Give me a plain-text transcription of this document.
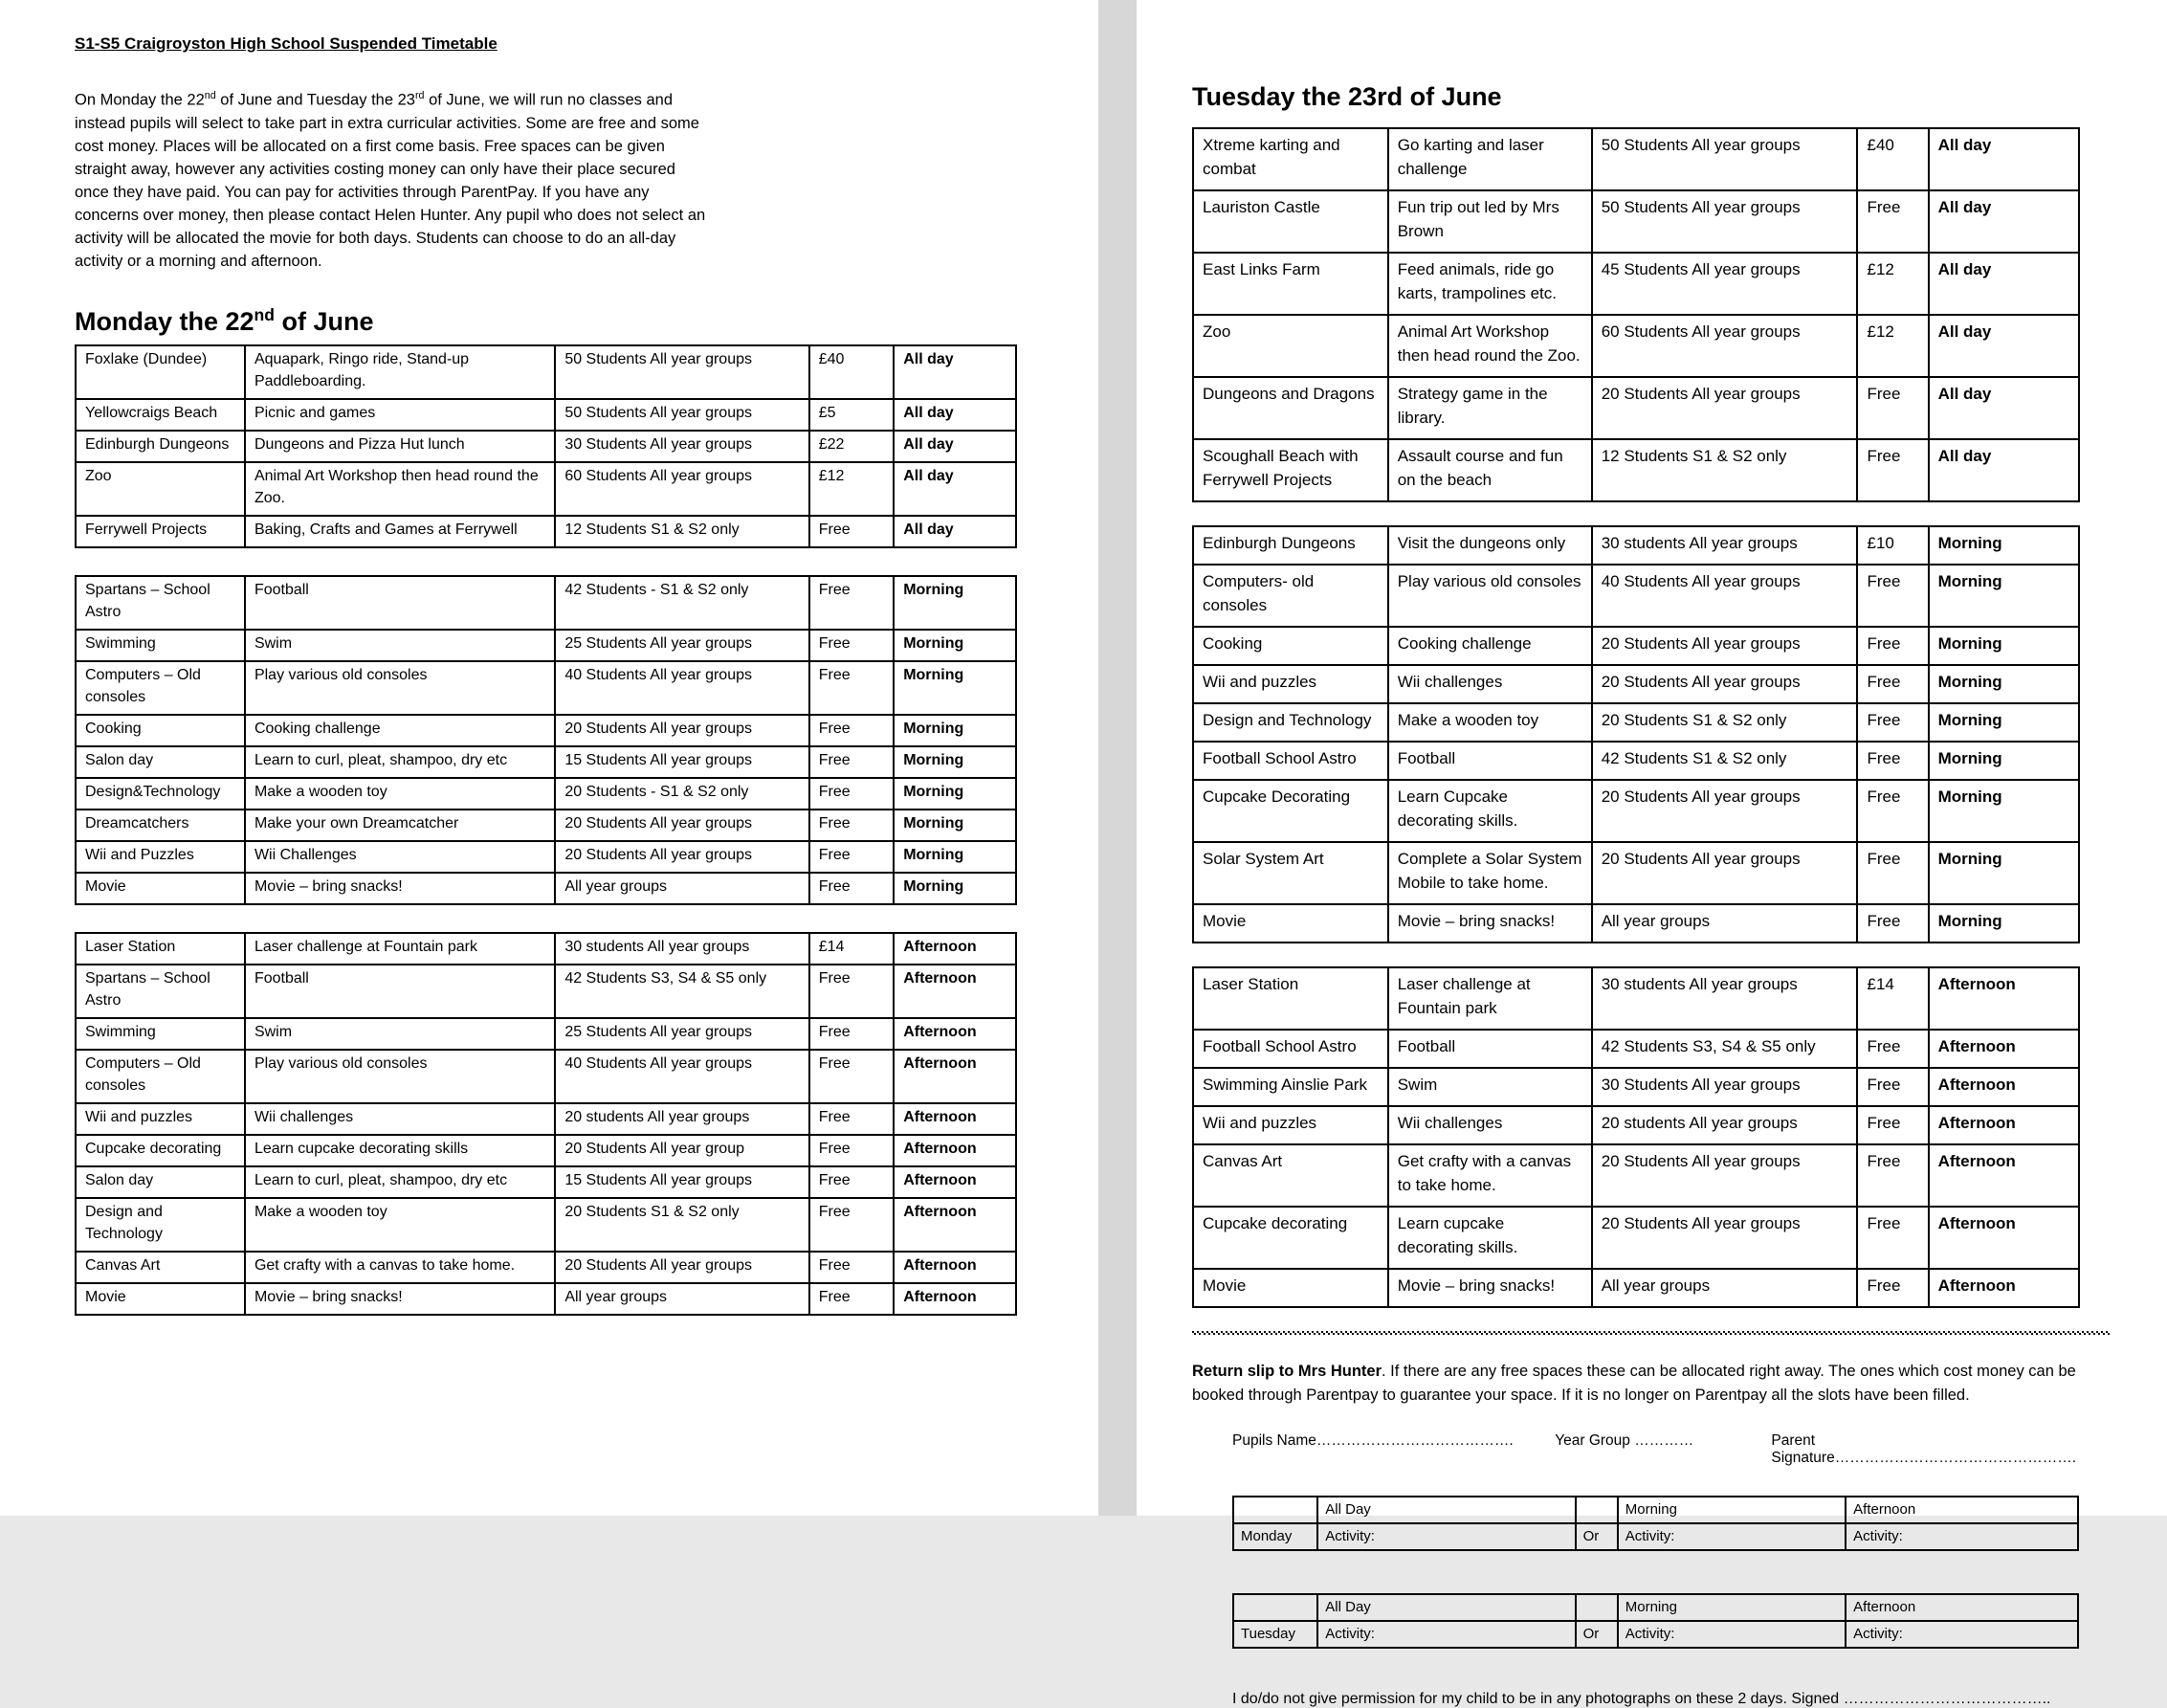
S1-S5 Craigroyston High School Suspended Timetable

On Monday the 22nd of June and Tuesday the 23rd of June, we will run no classes and instead pupils will select to take part in extra curricular activities. Some are free and some cost money. Places will be allocated on a first come basis. Free spaces can be given straight away, however any activities costing money can only have their place secured once they have paid. You can pay for activities through ParentPay. If you have any concerns over money, then please contact Helen Hunter. Any pupil who does not select an activity will be allocated the movie for both days. Students can choose to do an all-day activity or a morning and afternoon.

Monday the 22nd of June
Foxlake (Dundee)	Aquapark, Ringo ride, Stand-up Paddleboarding.	50 Students All year groups	£40	All day
Yellowcraigs Beach	Picnic and games	50 Students All year groups	£5	All day
Edinburgh Dungeons	Dungeons and Pizza Hut lunch	30 Students All year groups	£22	All day
Zoo	Animal Art Workshop then head round the Zoo.	60 Students All year groups	£12	All day
Ferrywell Projects	Baking, Crafts and Games at Ferrywell	12 Students S1 & S2 only	Free	All day
Spartans – School Astro	Football	42 Students - S1 & S2 only	Free	Morning
Swimming	Swim	25 Students All year groups	Free	Morning
Computers – Old consoles	Play various old consoles	40 Students All year groups	Free	Morning
Cooking	Cooking challenge	20 Students All year groups	Free	Morning
Salon day	Learn to curl, pleat, shampoo, dry etc	15 Students All year groups	Free	Morning
Design&Technology	Make a wooden toy	20 Students - S1 & S2 only	Free	Morning
Dreamcatchers	Make your own Dreamcatcher	20 Students All year groups	Free	Morning
Wii and Puzzles	Wii Challenges	20 Students All year groups	Free	Morning
Movie	Movie – bring snacks!	All year groups	Free	Morning
Laser Station	Laser challenge at Fountain park	30 students All year groups	£14	Afternoon
Spartans – School Astro	Football	42 Students S3, S4 & S5 only	Free	Afternoon
Swimming	Swim	25 Students All year groups	Free	Afternoon
Computers – Old consoles	Play various old consoles	40 Students All year groups	Free	Afternoon
Wii and puzzles	Wii challenges	20 students All year groups	Free	Afternoon
Cupcake decorating	Learn cupcake decorating skills	20 Students All year group	Free	Afternoon
Salon day	Learn to curl, pleat, shampoo, dry etc	15 Students All year groups	Free	Afternoon
Design and Technology	Make a wooden toy	20 Students S1 & S2 only	Free	Afternoon
Canvas Art	Get crafty with a canvas to take home.	20 Students All year groups	Free	Afternoon
Movie	Movie – bring snacks!	All year groups	Free	Afternoon
Tuesday the 23rd of June
Xtreme karting and combat	Go karting and laser challenge	50 Students All year groups	£40	All day
Lauriston Castle	Fun trip out led by Mrs Brown	50 Students All year groups	Free	All day
East Links Farm	Feed animals, ride go karts, trampolines etc.	45 Students All year groups	£12	All day
Zoo	Animal Art Workshop then head round the Zoo.	60 Students All year groups	£12	All day
Dungeons and Dragons	Strategy game in the library.	20 Students All year groups	Free	All day
Scoughall Beach with Ferrywell Projects	Assault course and fun on the beach	12 Students S1 & S2 only	Free	All day
Edinburgh Dungeons	Visit the dungeons only	30 students All year groups	£10	Morning
Computers- old consoles	Play various old consoles	40 Students All year groups	Free	Morning
Cooking	Cooking challenge	20 Students All year groups	Free	Morning
Wii and puzzles	Wii challenges	20 Students All year groups	Free	Morning
Design and Technology	Make a wooden toy	20 Students S1 & S2 only	Free	Morning
Football School Astro	Football	42 Students S1 & S2 only	Free	Morning
Cupcake Decorating	Learn Cupcake decorating skills.	20 Students All year groups	Free	Morning
Solar System Art	Complete a Solar System Mobile to take home.	20 Students All year groups	Free	Morning
Movie	Movie – bring snacks!	All year groups	Free	Morning
Laser Station	Laser challenge at Fountain park	30 students All year groups	£14	Afternoon
Football School Astro	Football	42 Students S3, S4 & S5 only	Free	Afternoon
Swimming Ainslie Park	Swim	30 Students All year groups	Free	Afternoon
Wii and puzzles	Wii challenges	20 students All year groups	Free	Afternoon
Canvas Art	Get crafty with a canvas to take home.	20 Students All year groups	Free	Afternoon
Cupcake decorating	Learn cupcake decorating skills.	20 Students All year groups	Free	Afternoon
Movie	Movie – bring snacks!	All year groups	Free	Afternoon

Return slip to Mrs Hunter. If there are any free spaces these can be allocated right away. The ones which cost money can be booked through Parentpay to guarantee your space. If it is no longer on Parentpay all the slots have been filled.

Pupils Name………………………………….	Year Group …………	Parent Signature………………………………………….
	All Day		Morning	Afternoon
Monday	Activity:	Or	Activity:	Activity:
	All Day		Morning	Afternoon
Tuesday	Activity:	Or	Activity:	Activity:

I do/do not give permission for my child to be in any photographs on these 2 days. Signed …………………………………..
